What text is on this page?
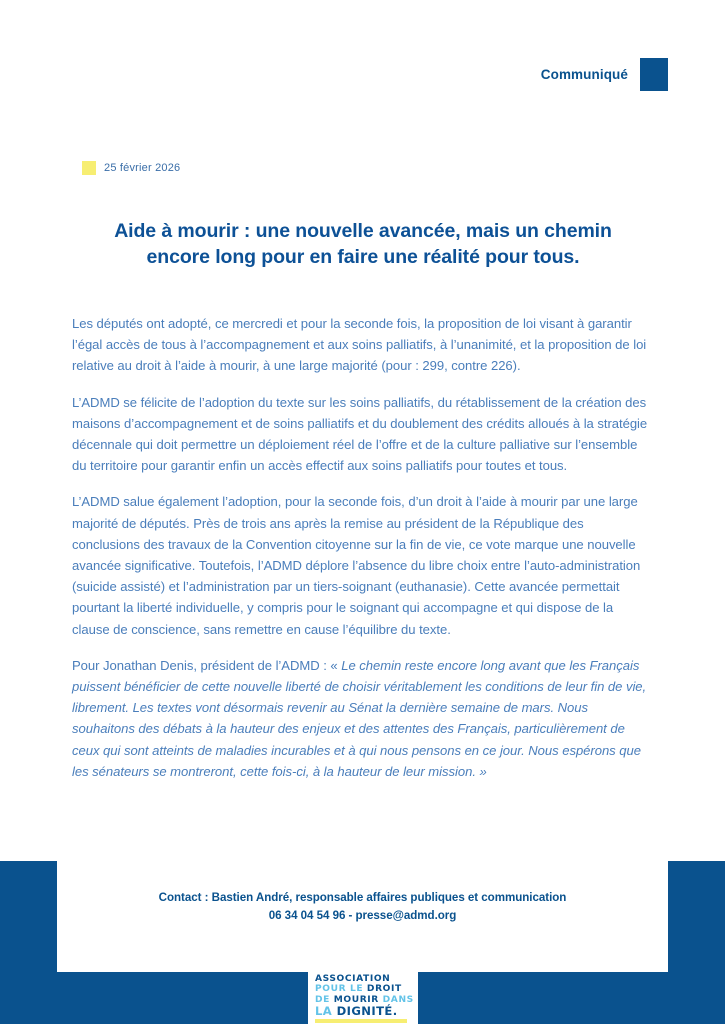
Communiqué
25 février 2026
Aide à mourir : une nouvelle avancée, mais un chemin encore long pour en faire une réalité pour tous.

Les députés ont adopté, ce mercredi et pour la seconde fois, la proposition de loi visant à garantir l’égal accès de tous à l’accompagnement et aux soins palliatifs, à l’unanimité, et la proposition de loi relative au droit à l’aide à mourir, à une large majorité (pour : 299, contre 226).

L’ADMD se félicite de l’adoption du texte sur les soins palliatifs, du rétablissement de la création des maisons d’accompagnement et de soins palliatifs et du doublement des crédits alloués à la stratégie décennale qui doit permettre un déploiement réel de l’offre et de la culture palliative sur l’ensemble du territoire pour garantir enfin un accès effectif aux soins palliatifs pour toutes et tous.

L’ADMD salue également l’adoption, pour la seconde fois, d’un droit à l’aide à mourir par une large majorité de députés. Près de trois ans après la remise au président de la République des conclusions des travaux de la Convention citoyenne sur la fin de vie, ce vote marque une nouvelle avancée significative. Toutefois, l’ADMD déplore l’absence du libre choix entre l’auto-administration (suicide assisté) et l’administration par un tiers-soignant (euthanasie). Cette avancée permettait pourtant la liberté individuelle, y compris pour le soignant qui accompagne et qui dispose de la clause de conscience, sans remettre en cause l’équilibre du texte.

Pour Jonathan Denis, président de l’ADMD : « Le chemin reste encore long avant que les Français puissent bénéficier de cette nouvelle liberté de choisir véritablement les conditions de leur fin de vie, librement. Les textes vont désormais revenir au Sénat la dernière semaine de mars. Nous souhaitons des débats à la hauteur des enjeux et des attentes des Français, particulièrement de ceux qui sont atteints de maladies incurables et à qui nous pensons en ce jour. Nous espérons que les sénateurs se montreront, cette fois-ci, à la hauteur de leur mission. »

Contact : Bastien André, responsable affaires publiques et communication
06 34 04 54 96 - presse@admd.org
ASSOCIATION
POUR LE DROIT
DE MOURIR DANS
LA DIGNITÉ.
